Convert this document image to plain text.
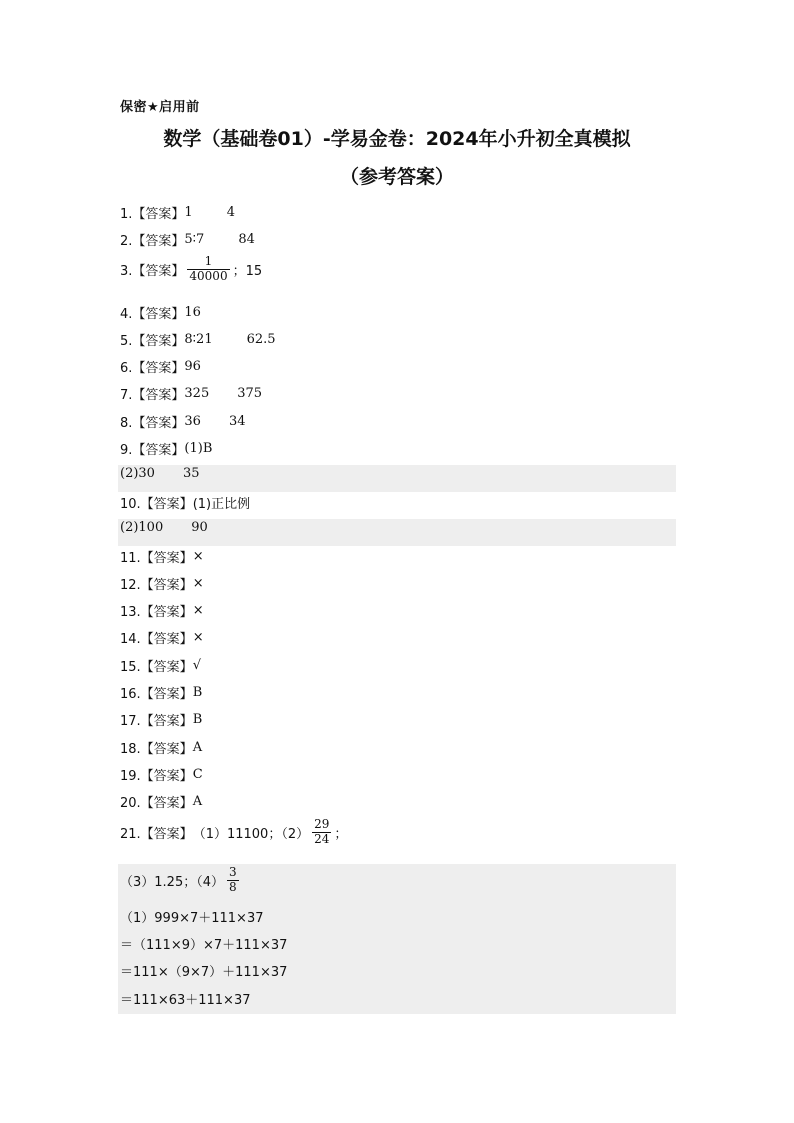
保密★启用前
数学（基础卷01）-学易金卷：2024年小升初全真模拟
（参考答案）
1.【答案】 1	4
2.【答案】 5∶7	84
3.【答案】 $\frac{1}{40000}$ ；15
4.【答案】 16
5.【答案】 8∶21	62.5
6.【答案】 96
7.【答案】 325 375
8.【答案】 36 34
9.【答案】 (1)B
(2)30 35
10.【答案】 (1)正比例
(2)100 90
11.【答案】 ×
12.【答案】 ×
13.【答案】 ×
14.【答案】 ×
15.【答案】 √
16.【答案】 B
17.【答案】 B
18.【答案】 A
19.【答案】 C
20.【答案】 A
21.【答案】 （1）11100；$(2) \frac{29}{24}$ ；
（3）1.25；$(4) \frac{3}{8}$
（1）999×7＋111×37
＝（111×9）×7＋111×37
＝111×（9×7）＋111×37
＝111×63＋111×37
